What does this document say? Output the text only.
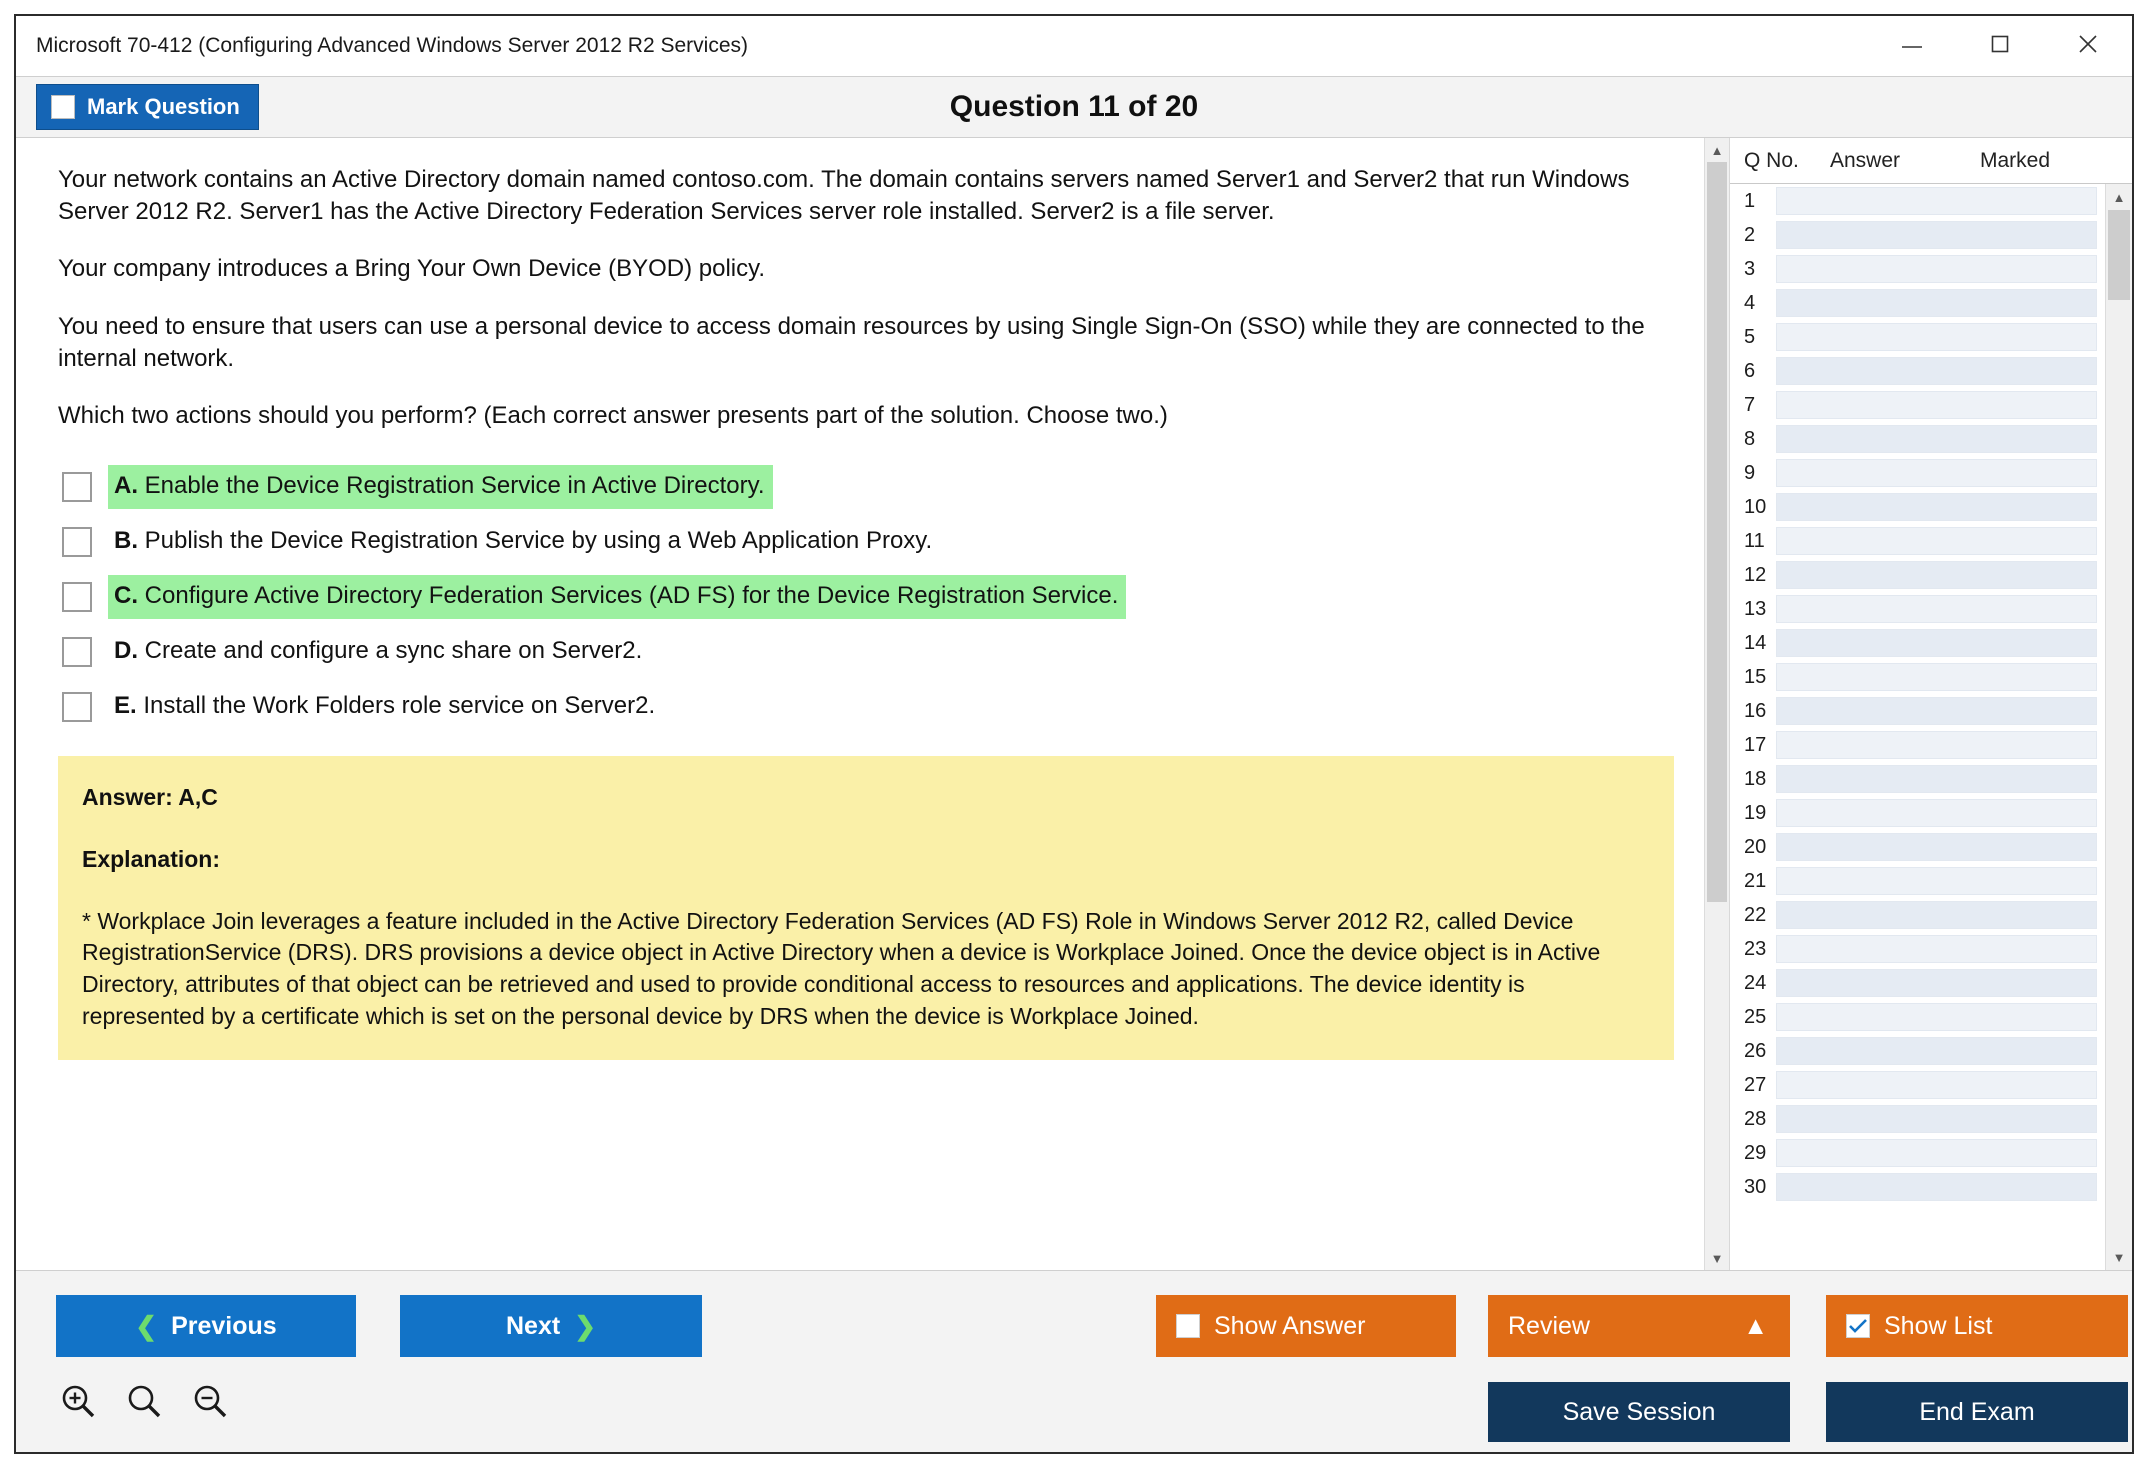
Microsoft 70-412 (Configuring Advanced Windows Server 2012 R2 Services)
Mark Question	Question 11 of 20

Your network contains an Active Directory domain named contoso.com. The domain contains servers named Server1 and Server2 that run Windows Server 2012 R2. Server1 has the Active Directory Federation Services server role installed. Server2 is a file server.

Your company introduces a Bring Your Own Device (BYOD) policy.

You need to ensure that users can use a personal device to access domain resources by using Single Sign-On (SSO) while they are connected to the internal network.

Which two actions should you perform? (Each correct answer presents part of the solution. Choose two.)

A. Enable the Device Registration Service in Active Directory.
B. Publish the Device Registration Service by using a Web Application Proxy.
C. Configure Active Directory Federation Services (AD FS) for the Device Registration Service.
D. Create and configure a sync share on Server2.
E. Install the Work Folders role service on Server2.

Answer: A,C

Explanation:

* Workplace Join leverages a feature included in the Active Directory Federation Services (AD FS) Role in Windows Server 2012 R2, called Device RegistrationService (DRS). DRS provisions a device object in Active Directory when a device is Workplace Joined. Once the device object is in Active Directory, attributes of that object can be retrieved and used to provide conditional access to resources and applications. The device identity is represented by a certificate which is set on the personal device by DRS when the device is Workplace Joined.

▲
▼
Q No.	Answer	Marked
1
2
3
4
5
6
7
8
9
10
11
12
13
14
15
16
17
18
19
20
21
22
23
24
25
26
27
28
29
30
▲
▼
❮ Previous	Next ❯	Show Answer	Review	▲	Show List
Save Session	End Exam
